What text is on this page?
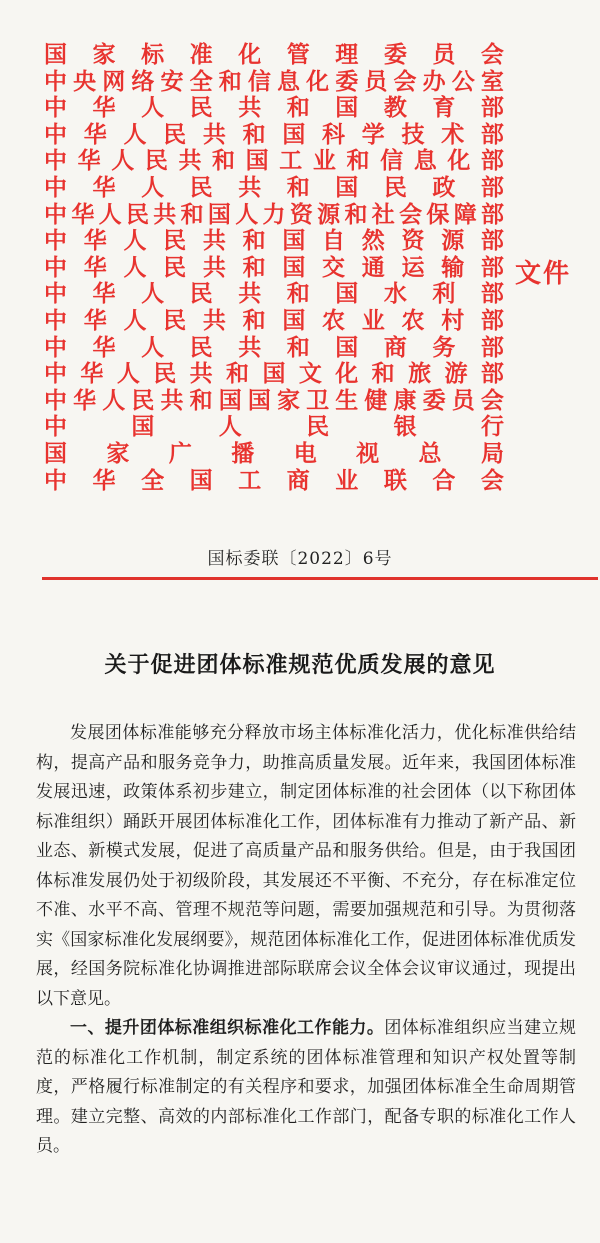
国 家 标 准 化 管 理 委 员 会
中 央 网 络 安 全 和 信 息 化 委 员 会 办 公 室
中 华 人 民 共 和 国 教 育 部
中 华 人 民 共 和 国 科 学 技 术 部
中 华 人 民 共 和 国 工 业 和 信 息 化 部
中 华 人 民 共 和 国 民 政 部
中 华 人 民 共 和 国 人 力 资 源 和 社 会 保 障 部
中 华 人 民 共 和 国 自 然 资 源 部
中 华 人 民 共 和 国 交 通 运 输 部
中 华 人 民 共 和 国 水 利 部
中 华 人 民 共 和 国 农 业 农 村 部
中 华 人 民 共 和 国 商 务 部
中 华 人 民 共 和 国 文 化 和 旅 游 部
中 华 人 民 共 和 国 国 家 卫 生 健 康 委 员 会
中	国	人	民	银	行
国 家 广 播 电 视 总 局
中 华 全 国 工 商 业 联 合 会
文件
国标委联〔2022〕6号
关于促进团体标准规范优质发展的意见

发展团体标准能够充分释放市场主体标准化活力，优化标准供给结构，提高产品和服务竞争力，助推高质量发展。近年来，我国团体标准发展迅速，政策体系初步建立，制定团体标准的社会团体（以下称团体标准组织）踊跃开展团体标准化工作，团体标准有力推动了新产品、新业态、新模式发展，促进了高质量产品和服务供给。但是，由于我国团体标准发展仍处于初级阶段，其发展还不平衡、不充分，存在标准定位不准、水平不高、管理不规范等问题，需要加强规范和引导。为贯彻落实《国家标准化发展纲要》，规范团体标准化工作，促进团体标准优质发展，经国务院标准化协调推进部际联席会议全体会议审议通过，现提出以下意见。

一、提升团体标准组织标准化工作能力。团体标准组织应当建立规范的标准化工作机制，制定系统的团体标准管理和知识产权处置等制度，严格履行标准制定的有关程序和要求，加强团体标准全生命周期管理。建立完整、高效的内部标准化工作部门，配备专职的标准化工作人员。
